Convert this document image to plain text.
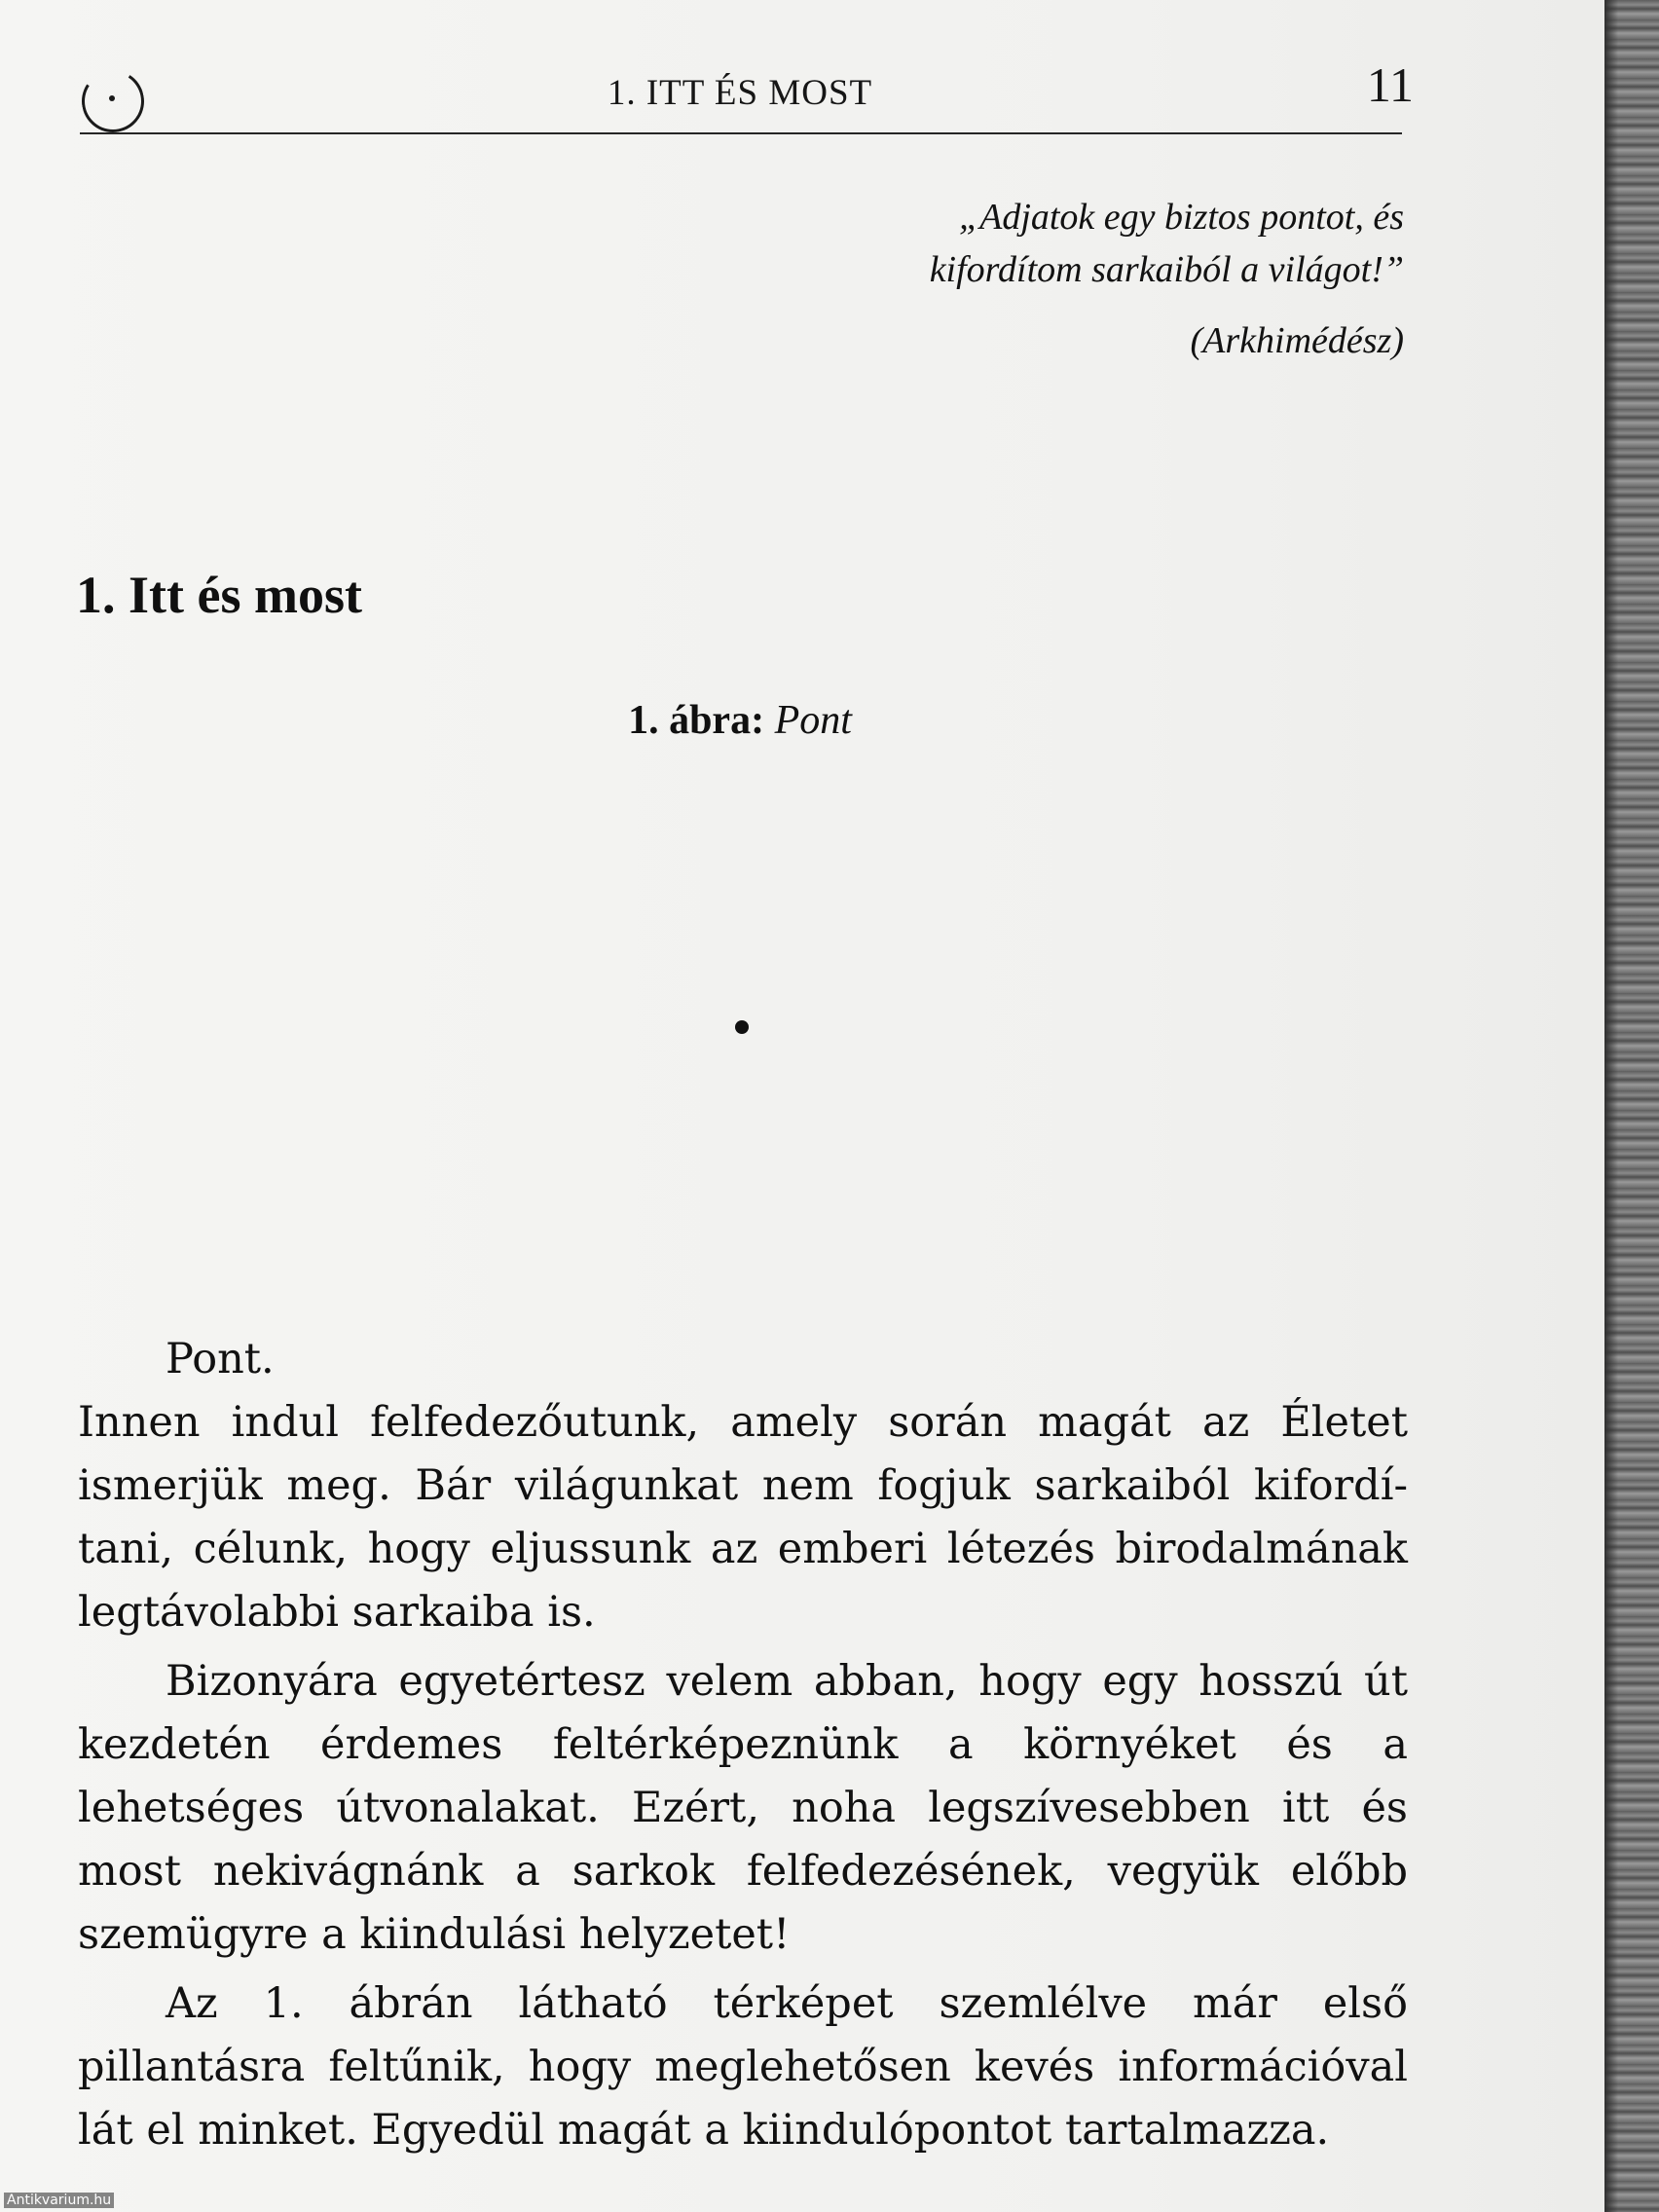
1. ITT ÉS MOST	11
„Adjatok egy biztos pontot, és
kifordítom sarkaiból a világot!”
(Arkhimédész)
1. Itt és most
1. ábra: Pont

Pont.

Innen indul felfedezőutunk, amely során magát az Életet ismerjük meg. Bár világunkat nem fogjuk sarkaiból kifordítani, célunk, hogy eljussunk az emberi létezés birodalmának legtávolabbi sarkaiba is.

Bizonyára egyetértesz velem abban, hogy egy hosszú út kezdetén érdemes feltérképeznünk a környéket és a lehetséges útvonalakat. Ezért, noha legszívesebben itt és most nekivágnánk a sarkok felfedezésének, vegyük előbb szemügyre a kiindulási helyzetet!

Az 1. ábrán látható térképet szemlélve már első pillantásra feltűnik, hogy meglehetősen kevés információval lát el minket. Egyedül magát a kiindulópontot tartalmazza.

Antikvarium.hu
